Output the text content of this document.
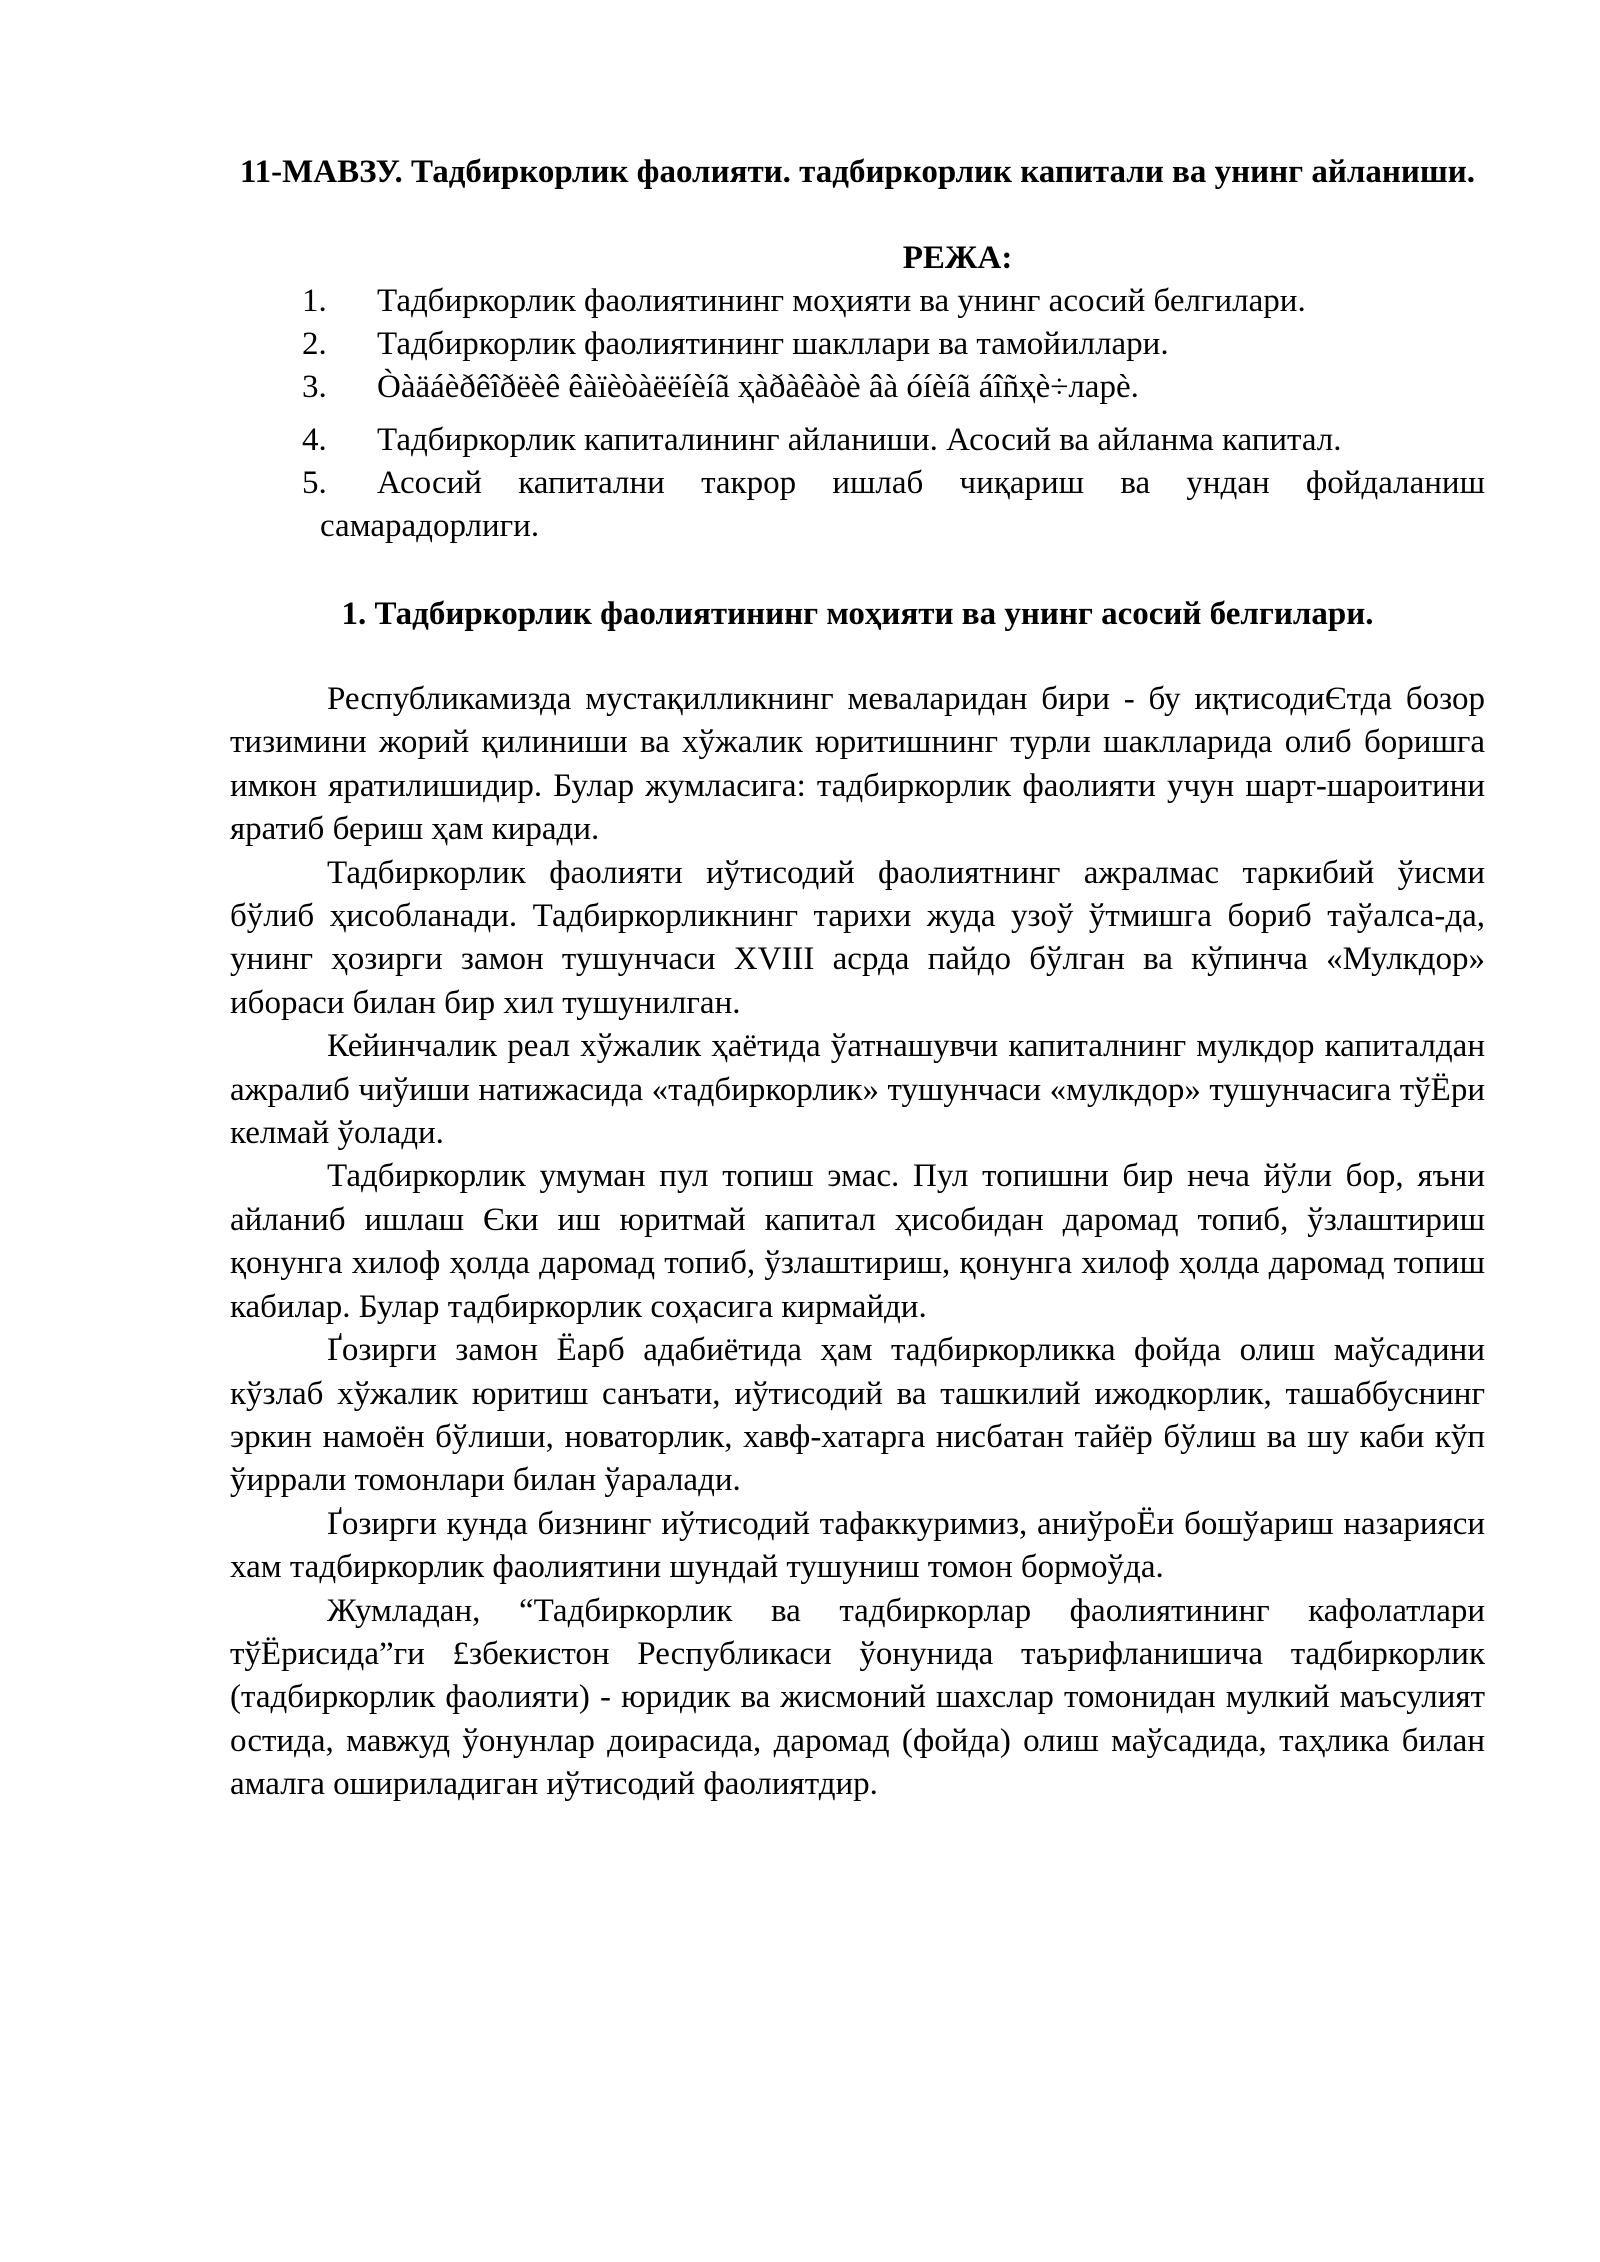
11-МАВЗУ. Тадбиркорлик фаолияти. тадбиркорлик капитали ва унинг айланиши.
РЕЖА:
1.	Тадбиркорлик фаолиятининг моҳияти ва унинг асосий белгилари.
2.	Тадбиркорлик фаолиятининг шакллари ва тамойиллари.
3.	Òàäáèðêîðëèê êàïèòàëëíèíã ҳàðàêàòè âà óíèíã áîñҳè÷ларè.
4.	Тадбиркорлик капиталининг айланиши. Асосий ва айланма капитал.
5.	Асосий капитални такрор ишлаб чиқариш ва ундан фойдаланиш самарадорлиги.
1. Тадбиркорлик фаолиятининг моҳияти ва унинг асосий белгилари.

Республикамизда мустақилликнинг меваларидан бири - бу иқтисодиЄтда бозор тизимини жорий қилиниши ва хўжалик юритишнинг турли шаклларида олиб боришга имкон яратилишидир. Булар жумласига: тадбиркорлик фаолияти учун шарт-шароитини яратиб бериш ҳам киради.

Тадбиркорлик фаолияти иўтисодий фаолиятнинг ажралмас таркибий ўисми бўлиб ҳисобланади. Тадбиркорликнинг тарихи жуда узоў ўтмишга бориб таўалса-да, унинг ҳозирги замон тушунчаси XVIII асрда пайдо бўлган ва кўпинча «Мулкдор» ибораси билан бир хил тушунилган.

Кейинчалик реал хўжалик ҳаётида ўатнашувчи капиталнинг мулкдор капиталдан ажралиб чиўиши натижасида «тадбиркорлик» тушунчаси «мулкдор» тушунчасига тўЁри келмай ўолади.

Тадбиркорлик умуман пул топиш эмас. Пул топишни бир неча йўли бор, яъни айланиб ишлаш Єки иш юритмай капитал ҳисобидан даромад топиб, ўзлаштириш қонунга хилоф ҳолда даромад топиб, ўзлаштириш, қонунга хилоф ҳолда даромад топиш кабилар. Булар тадбиркорлик соҳасига кирмайди.

Ґозирги замон Ёарб адабиётида ҳам тадбиркорликка фойда олиш маўсадини кўзлаб хўжалик юритиш санъати, иўтисодий ва ташкилий ижодкорлик, ташаббуснинг эркин намоён бўлиши, новаторлик, хавф-хатарга нисбатан тайёр бўлиш ва шу каби кўп ўиррали томонлари билан ўаралади.

Ґозирги кунда бизнинг иўтисодий тафаккуримиз, аниўроЁи бошўариш назарияси хам тадбиркорлик фаолиятини шундай тушуниш томон бормоўда.

Жумладан, “Тадбиркорлик ва тадбиркорлар фаолиятининг кафолатлари тўЁрисида”ги £збекистон Республикаси ўонунида таърифланишича тадбиркорлик (тадбиркорлик фаолияти) - юридик ва жисмоний шахслар томонидан мулкий маъсулият остида, мавжуд ўонунлар доирасида, даромад (фойда) олиш маўсадида, таҳлика билан амалга ошириладиган иўтисодий фаолиятдир.
